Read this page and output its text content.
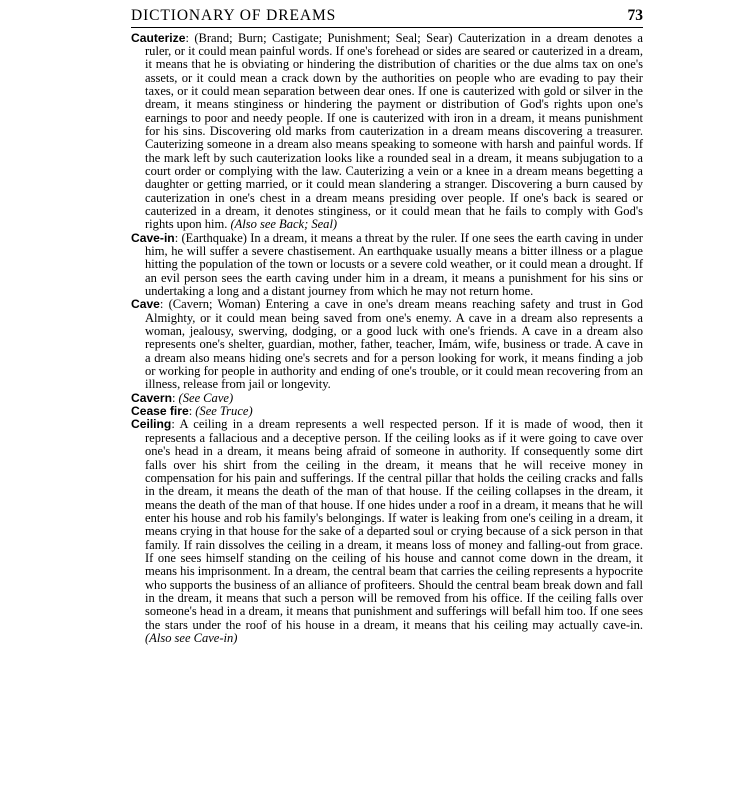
DICTIONARY OF DREAMS	73

Cauterize: (Brand; Burn; Castigate; Punishment; Seal; Sear) Cauterization in a dream denotes a ruler, or it could mean painful words. If one's forehead or sides are seared or cauterized in a dream, it means that he is obviating or hindering the distribution of charities or the due alms tax on one's assets, or it could mean a crack down by the authorities on people who are evading to pay their taxes, or it could mean separation between dear ones. If one is cauterized with gold or silver in the dream, it means stinginess or hindering the payment or distribution of God's rights upon one's earnings to poor and needy people. If one is cauterized with iron in a dream, it means punishment for his sins. Discovering old marks from cauterization in a dream means discovering a treasurer. Cauterizing someone in a dream also means speaking to someone with harsh and painful words. If the mark left by such cauterization looks like a rounded seal in a dream, it means subjugation to a court order or complying with the law. Cauterizing a vein or a knee in a dream means begetting a daughter or getting married, or it could mean slandering a stranger. Discovering a burn caused by cauterization in one's chest in a dream means presiding over people. If one's back is seared or cauterized in a dream, it denotes stinginess, or it could mean that he fails to comply with God's rights upon him. (Also see Back; Seal)

Cave-in: (Earthquake) In a dream, it means a threat by the ruler. If one sees the earth caving in under him, he will suffer a severe chastisement. An earthquake usually means a bitter illness or a plague hitting the population of the town or locusts or a severe cold weather, or it could mean a drought. If an evil person sees the earth caving under him in a dream, it means a punishment for his sins or undertaking a long and a distant journey from which he may not return home.

Cave: (Cavern; Woman) Entering a cave in one's dream means reaching safety and trust in God Almighty, or it could mean being saved from one's enemy. A cave in a dream also represents a woman, jealousy, swerving, dodging, or a good luck with one's friends. A cave in a dream also represents one's shelter, guardian, mother, father, teacher, Imám, wife, business or trade. A cave in a dream also means hiding one's secrets and for a person looking for work, it means finding a job or working for people in authority and ending of one's trouble, or it could mean recovering from an illness, release from jail or longevity.

Cavern: (See Cave)

Cease fire: (See Truce)

Ceiling: A ceiling in a dream represents a well respected person. If it is made of wood, then it represents a fallacious and a deceptive person. If the ceiling looks as if it were going to cave over one's head in a dream, it means being afraid of someone in authority. If consequently some dirt falls over his shirt from the ceiling in the dream, it means that he will receive money in compensation for his pain and sufferings. If the central pillar that holds the ceiling cracks and falls in the dream, it means the death of the man of that house. If the ceiling collapses in the dream, it means the death of the man of that house. If one hides under a roof in a dream, it means that he will enter his house and rob his family's belongings. If water is leaking from one's ceiling in a dream, it means crying in that house for the sake of a departed soul or crying because of a sick person in that family. If rain dissolves the ceiling in a dream, it means loss of money and falling-out from grace. If one sees himself standing on the ceiling of his house and cannot come down in the dream, it means his imprisonment. In a dream, the central beam that carries the ceiling represents a hypocrite who supports the business of an alliance of profiteers. Should the central beam break down and fall in the dream, it means that such a person will be removed from his office. If the ceiling falls over someone's head in a dream, it means that punishment and sufferings will befall him too. If one sees the stars under the roof of his house in a dream, it means that his ceiling may actually cave-in. (Also see Cave-in)
